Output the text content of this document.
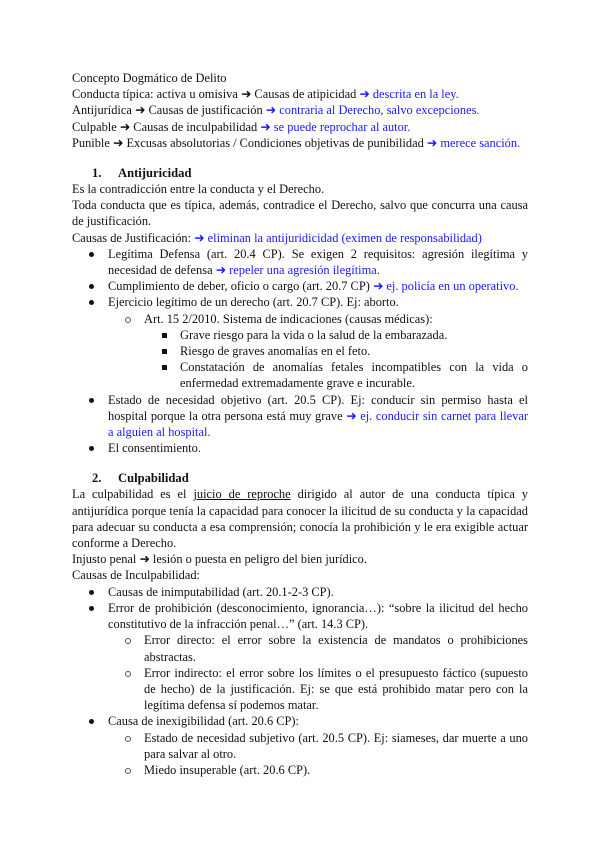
Concepto Dogmático de Delito
Conducta típica: activa u omisiva ➜ Causas de atipicidad ➜ descrita en la ley.
Antijurídica ➜ Causas de justificación ➜ contraria al Derecho, salvo excepciones.
Culpable ➜ Causas de inculpabilidad ➜ se puede reprochar al autor.
Punible ➜ Excusas absolutorias / Condiciones objetivas de punibilidad ➜ merece sanción.
1. Antijuricidad
Es la contradicción entre la conducta y el Derecho.
Toda conducta que es típica, además, contradice el Derecho, salvo que concurra una causa de justificación.
Causas de Justificación: ➜ eliminan la antijuridicidad (eximen de responsabilidad)
Legítima Defensa (art. 20.4 CP). Se exigen 2 requisitos: agresión ilegítima y necesidad de defensa ➜ repeler una agresión ilegítima.
Cumplimiento de deber, oficio o cargo (art. 20.7 CP) ➜ ej. policía en un operativo.
Ejercicio legítimo de un derecho (art. 20.7 CP). Ej: aborto.
Art. 15 2/2010. Sistema de indicaciones (causas médicas):
Grave riesgo para la vida o la salud de la embarazada.
Riesgo de graves anomalías en el feto.
Constatación de anomalías fetales incompatibles con la vida o enfermedad extremadamente grave e incurable.
Estado de necesidad objetivo (art. 20.5 CP). Ej: conducir sin permiso hasta el hospital porque la otra persona está muy grave ➜ ej. conducir sin carnet para llevar a alguien al hospital.
El consentimiento.
2. Culpabilidad
La culpabilidad es el juicio de reproche dirigido al autor de una conducta típica y antijurídica porque tenía la capacidad para conocer la ilicitud de su conducta y la capacidad para adecuar su conducta a esa comprensión; conocía la prohibición y le era exigible actuar conforme a Derecho.
Injusto penal ➜ lesión o puesta en peligro del bien jurídico.
Causas de Inculpabilidad:
Causas de inimputabilidad (art. 20.1-2-3 CP).
Error de prohibición (desconocimiento, ignorancia…): “sobre la ilicitud del hecho constitutivo de la infracción penal…” (art. 14.3 CP).
Error directo: el error sobre la existencia de mandatos o prohibiciones abstractas.
Error indirecto: el error sobre los límites o el presupuesto fáctico (supuesto de hecho) de la justificación. Ej: se que está prohibido matar pero con la legítima defensa sí podemos matar.
Causa de inexigibilidad (art. 20.6 CP):
Estado de necesidad subjetivo (art. 20.5 CP). Ej: siameses, dar muerte a uno para salvar al otro.
Miedo insuperable (art. 20.6 CP).
